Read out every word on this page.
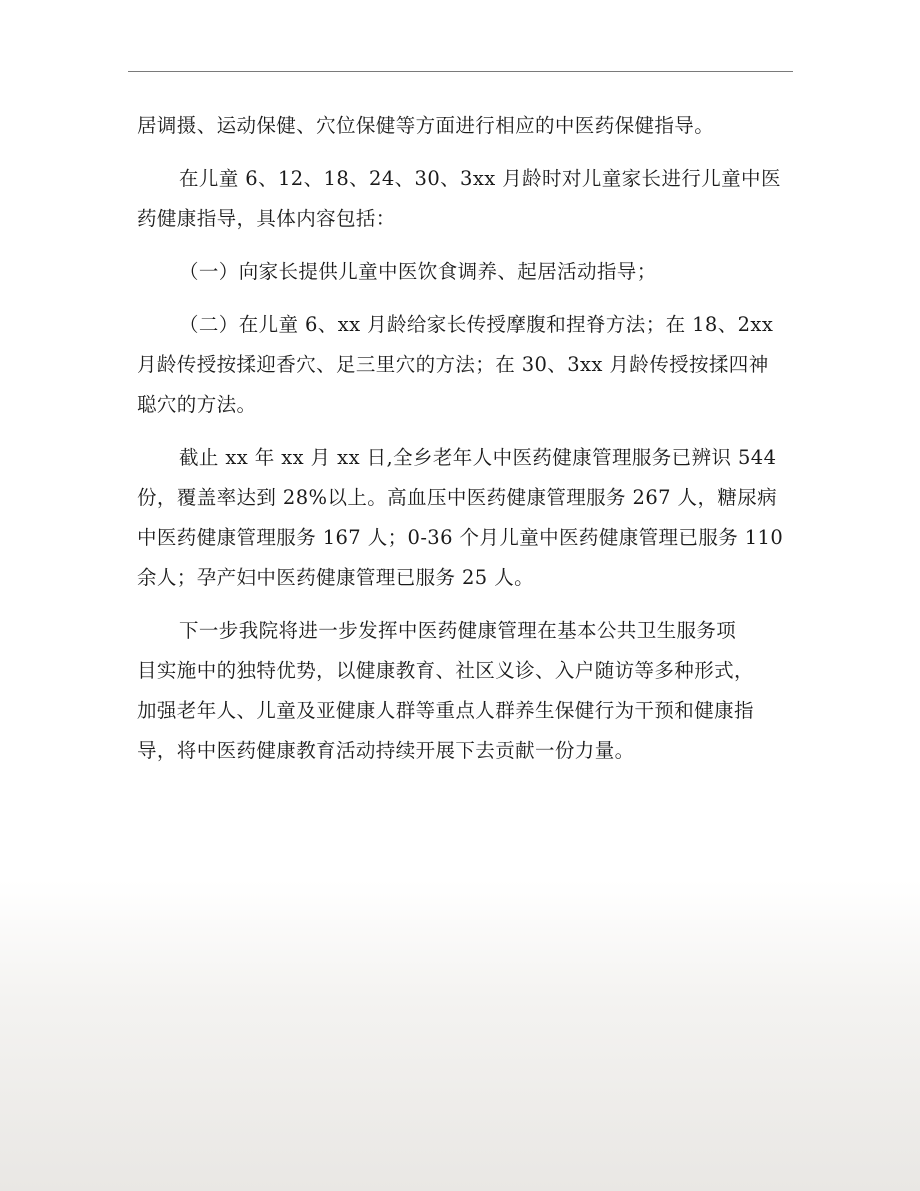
居调摄、运动保健、穴位保健等方面进行相应的中医药保健指导。
在儿童 6、12、18、24、30、3xx 月龄时对儿童家长进行儿童中医
药健康指导，具体内容包括：
（一）向家长提供儿童中医饮食调养、起居活动指导；
（二）在儿童 6、xx 月龄给家长传授摩腹和捏脊方法；在 18、2xx
月龄传授按揉迎香穴、足三里穴的方法；在 30、3xx 月龄传授按揉四神
聪穴的方法。
截止 xx 年 xx 月 xx 日,全乡老年人中医药健康管理服务已辨识 544
份，覆盖率达到 28%以上。高血压中医药健康管理服务 267 人，糖尿病
中医药健康管理服务 167 人；0-36 个月儿童中医药健康管理已服务 110
余人；孕产妇中医药健康管理已服务 25 人。
下一步我院将进一步发挥中医药健康管理在基本公共卫生服务项
目实施中的独特优势，以健康教育、社区义诊、入户随访等多种形式，
加强老年人、儿童及亚健康人群等重点人群养生保健行为干预和健康指
导，将中医药健康教育活动持续开展下去贡献一份力量。
